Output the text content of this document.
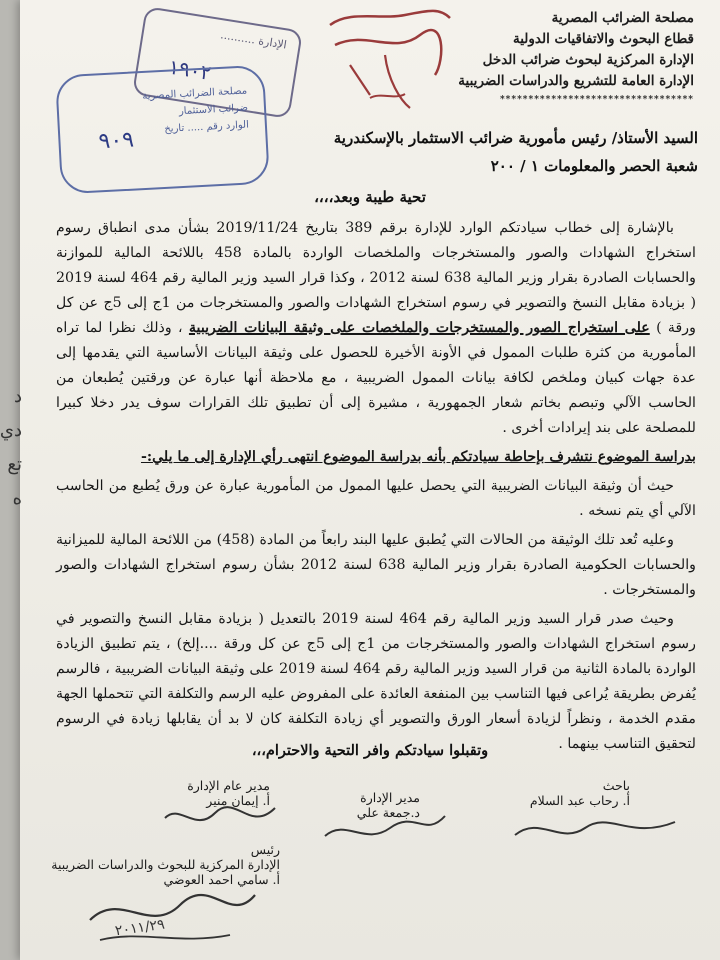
مصلحة الضرائب المصرية
قطاع البحوث والاتفاقيات الدولية
الإدارة المركزية لبحوث ضرائب الدخل
الإدارة العامة للتشريع والدراسات الضريبية
**********************************
الإدارة ..........
١٩٠٢
مصلحة الضرائب المصرية
ضرائب الاستثمار
الوارد رقم ..... تاريخ
٩٠٩	السيد الأستاذ/ رئيس مأمورية ضرائب الاستثمار بالإسكندرية
شعبة الحصر والمعلومات ١ / ٢٠٠
تحية طيبة وبعد،،،،

بالإشارة إلى خطاب سيادتكم الوارد للإدارة برقم 389 بتاريخ 2019/11/24 بشأن مدى انطباق رسوم استخراج الشهادات والصور والمستخرجات والملخصات الواردة بالمادة 458 باللائحة المالية للموازنة والحسابات الصادرة بقرار وزير المالية 638 لسنة 2012 ، وكذا قرار السيد وزير المالية رقم 464 لسنة 2019 ( بزيادة مقابل النسخ والتصوير في رسوم استخراج الشهادات والصور والمستخرجات من 1ج إلى 5ج عن كل ورقة ) على استخراج الصور والمستخرجات والملخصات على وثيقة البيانات الضريبية ، وذلك نظرا لما تراه المأمورية من كثرة طلبات الممول في الأونة الأخيرة للحصول على وثيقة البيانات الأساسية التي يقدمها إلى عدة جهات كبيان وملخص لكافة بيانات الممول الضريبية ، مع ملاحظة أنها عبارة عن ورقتين يُطبعان من الحاسب الآلي وتبصم بخاتم شعار الجمهورية ، مشيرة إلى أن تطبيق تلك القرارات سوف يدر دخلا كبيرا للمصلحة على بند إيرادات أخرى .

بدراسة الموضوع نتشرف بإحاطة سيادتكم بأنه بدراسة الموضوع انتهى رأي الإدارة إلى ما يلي:-

حيث أن وثيقة البيانات الضريبية التي يحصل عليها الممول من المأمورية عبارة عن ورق يُطبع من الحاسب الآلي أي يتم نسخه .

وعليه تُعد تلك الوثيقة من الحالات التي يُطبق عليها البند رابعاً من المادة (458) من اللائحة المالية للميزانية والحسابات الحكومية الصادرة بقرار وزير المالية 638 لسنة 2012 بشأن رسوم استخراج الشهادات والصور والمستخرجات .

وحيث صدر قرار السيد وزير المالية رقم 464 لسنة 2019 بالتعديل ( بزيادة مقابل النسخ والتصوير في رسوم استخراج الشهادات والصور والمستخرجات من 1ج إلى 5ج عن كل ورقة ....إلخ) ، يتم تطبيق الزيادة الواردة بالمادة الثانية من قرار السيد وزير المالية رقم 464 لسنة 2019 على وثيقة البيانات الضريبية ، فالرسم يُفرض بطريقة يُراعى فيها التناسب بين المنفعة العائدة على المفروض عليه الرسم والتكلفة التي تتحملها الجهة مقدم الخدمة ، ونظراً لزيادة أسعار الورق والتصوير أي زيادة التكلفة كان لا بد أن يقابلها زيادة في الرسوم لتحقيق التناسب بينهما .

وتقبلوا سيادتكم وافر التحية والاحترام،،،
باحث
أ. رحاب عبد السلام
مدير الإدارة
د.جمعة علي
مدير عام الإدارة
أ. إيمان منير
رئيس
الإدارة المركزية للبحوث والدراسات الضريبية
أ. سامي احمد العوضي
٢٠١١/٢٩
د
دي
تع
ه
